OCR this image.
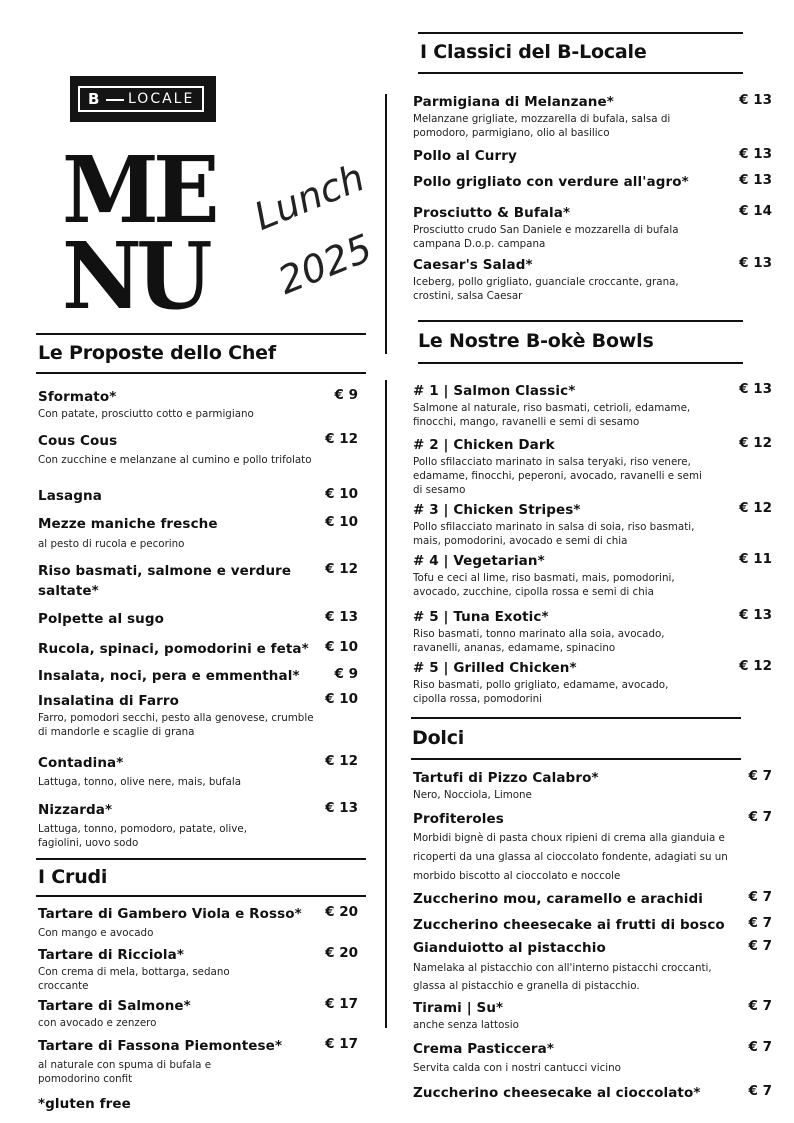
B LOCALE
ME
NU
Lunch
2025
Le Proposte dello Chef
I Crudi
I Classici del B-Locale
Le Nostre B-okè Bowls
Dolci
Sformato*
Con patate, prosciutto cotto e parmigiano
€ 9
Cous Cous
Con zucchine e melanzane al cumino e pollo trifolato
€ 12
Lasagna	€ 10
Mezze maniche fresche
al pesto di rucola e pecorino
€ 10
Riso basmati, salmone e verdure saltate*
€ 12
Polpette al sugo	€ 13
Rucola, spinaci, pomodorini e feta*	€ 10
Insalata, noci, pera e emmenthal*	€ 9
Insalatina di Farro
Farro, pomodori secchi, pesto alla genovese, crumble di mandorle e scaglie di grana
€ 10
Contadina*
Lattuga, tonno, olive nere, mais, bufala
€ 12
Nizzarda*
Lattuga, tonno, pomodoro, patate, olive, fagiolini, uovo sodo
€ 13
Tartare di Gambero Viola e Rosso*
Con mango e avocado
€ 20
Tartare di Ricciola*
Con crema di mela, bottarga, sedano croccante
€ 20
Tartare di Salmone*
con avocado e zenzero
€ 17
Tartare di Fassona Piemontese*
al naturale con spuma di bufala e pomodorino confit
€ 17
*gluten free
Parmigiana di Melanzane*
Melanzane grigliate, mozzarella di bufala, salsa di pomodoro, parmigiano, olio al basilico
€ 13
Pollo al Curry	€ 13
Pollo grigliato con verdure all'agro*	€ 13
Prosciutto & Bufala*
Prosciutto crudo San Daniele e mozzarella di bufala campana D.o.p. campana
€ 14
Caesar's Salad*
Iceberg, pollo grigliato, guanciale croccante, grana, crostini, salsa Caesar
€ 13
# 1 | Salmon Classic*
Salmone al naturale, riso basmati, cetrioli, edamame, finocchi, mango, ravanelli e semi di sesamo
€ 13
# 2 | Chicken Dark
Pollo sfilacciato marinato in salsa teryaki, riso venere, edamame, finocchi, peperoni, avocado, ravanelli e semi di sesamo
€ 12
# 3 | Chicken Stripes*
Pollo sfilacciato marinato in salsa di soia, riso basmati, mais, pomodorini, avocado e semi di chia
€ 12
# 4 | Vegetarian*
Tofu e ceci al lime, riso basmati, mais, pomodorini, avocado, zucchine, cipolla rossa e semi di chia
€ 11
# 5 | Tuna Exotic*
Riso basmati, tonno marinato alla soia, avocado, ravanelli, ananas, edamame, spinacino
€ 13
# 5 | Grilled Chicken*
Riso basmati, pollo grigliato, edamame, avocado, cipolla rossa, pomodorini
€ 12
Tartufi di Pizzo Calabro*
Nero, Nocciola, Limone
€ 7
Profiteroles
Morbidi bignè di pasta choux ripieni di crema alla gianduia e ricoperti da una glassa al cioccolato fondente, adagiati su un morbido biscotto al cioccolato e noccole
€ 7
Zuccherino mou, caramello e arachidi	€ 7
Zuccherino cheesecake ai frutti di bosco	€ 7
Gianduiotto al pistacchio
Namelaka al pistacchio con all'interno pistacchi croccanti, glassa al pistacchio e granella di pistacchio.
€ 7
Tirami | Su*
anche senza lattosio
€ 7
Crema Pasticcera*
Servita calda con i nostri cantucci vicino
€ 7
Zuccherino cheesecake al cioccolato*	€ 7
